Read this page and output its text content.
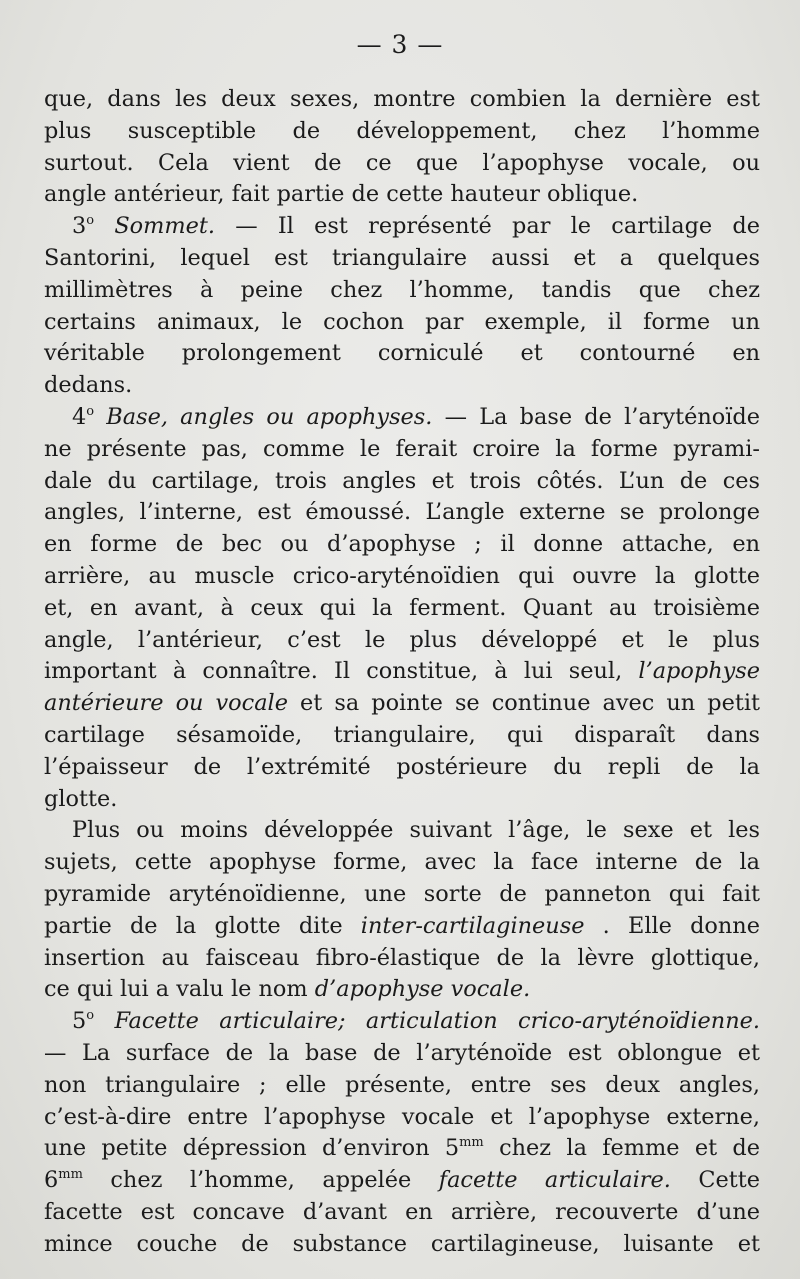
— 3 —

que, dans les deux sexes, montre combien la dernière est

plus susceptible de développement, chez l’homme

surtout. Cela vient de ce que l’apophyse vocale, ou

angle antérieur, fait partie de cette hauteur oblique.

3$^o$ Sommet. — Il est représenté par le cartilage de

Santorini, lequel est triangulaire aussi et a quelques

millimètres à peine chez l’homme, tandis que chez

certains animaux, le cochon par exemple, il forme un

véritable prolongement corniculé et contourné en

dedans.

4$^o$ Base, angles ou apophyses. — La base de l’aryténoïde

ne présente pas, comme le ferait croire la forme pyrami-

dale du cartilage, trois angles et trois côtés. L’un de ces

angles, l’interne, est émoussé. L’angle externe se prolonge

en forme de bec ou d’apophyse ; il donne attache, en

arrière, au muscle crico-aryténoïdien qui ouvre la glotte

et, en avant, à ceux qui la ferment. Quant au troisième

angle, l’antérieur, c’est le plus développé et le plus

important à connaître. Il constitue, à lui seul, l’apophyse

antérieure ou vocale et sa pointe se continue avec un petit

cartilage sésamoïde, triangulaire, qui disparaît dans

l’épaisseur de l’extrémité postérieure du repli de la

glotte.

Plus ou moins développée suivant l’âge, le sexe et les

sujets, cette apophyse forme, avec la face interne de la

pyramide aryténoïdienne, une sorte de panneton qui fait

partie de la glotte dite inter-cartilagineuse . Elle donne

insertion au faisceau fibro-élastique de la lèvre glottique,

ce qui lui a valu le nom d’apophyse vocale.

5$^o$ Facette articulaire; articulation crico-aryténoïdienne.

— La surface de la base de l’aryténoïde est oblongue et

non triangulaire ; elle présente, entre ses deux angles,

c’est-à-dire entre l’apophyse vocale et l’apophyse externe,

une petite dépression d’environ $5^{mm}$ chez la femme et de

$6^{mm}$ chez l’homme, appelée facette articulaire. Cette

facette est concave d’avant en arrière, recouverte d’une

mince couche de substance cartilagineuse, luisante et
